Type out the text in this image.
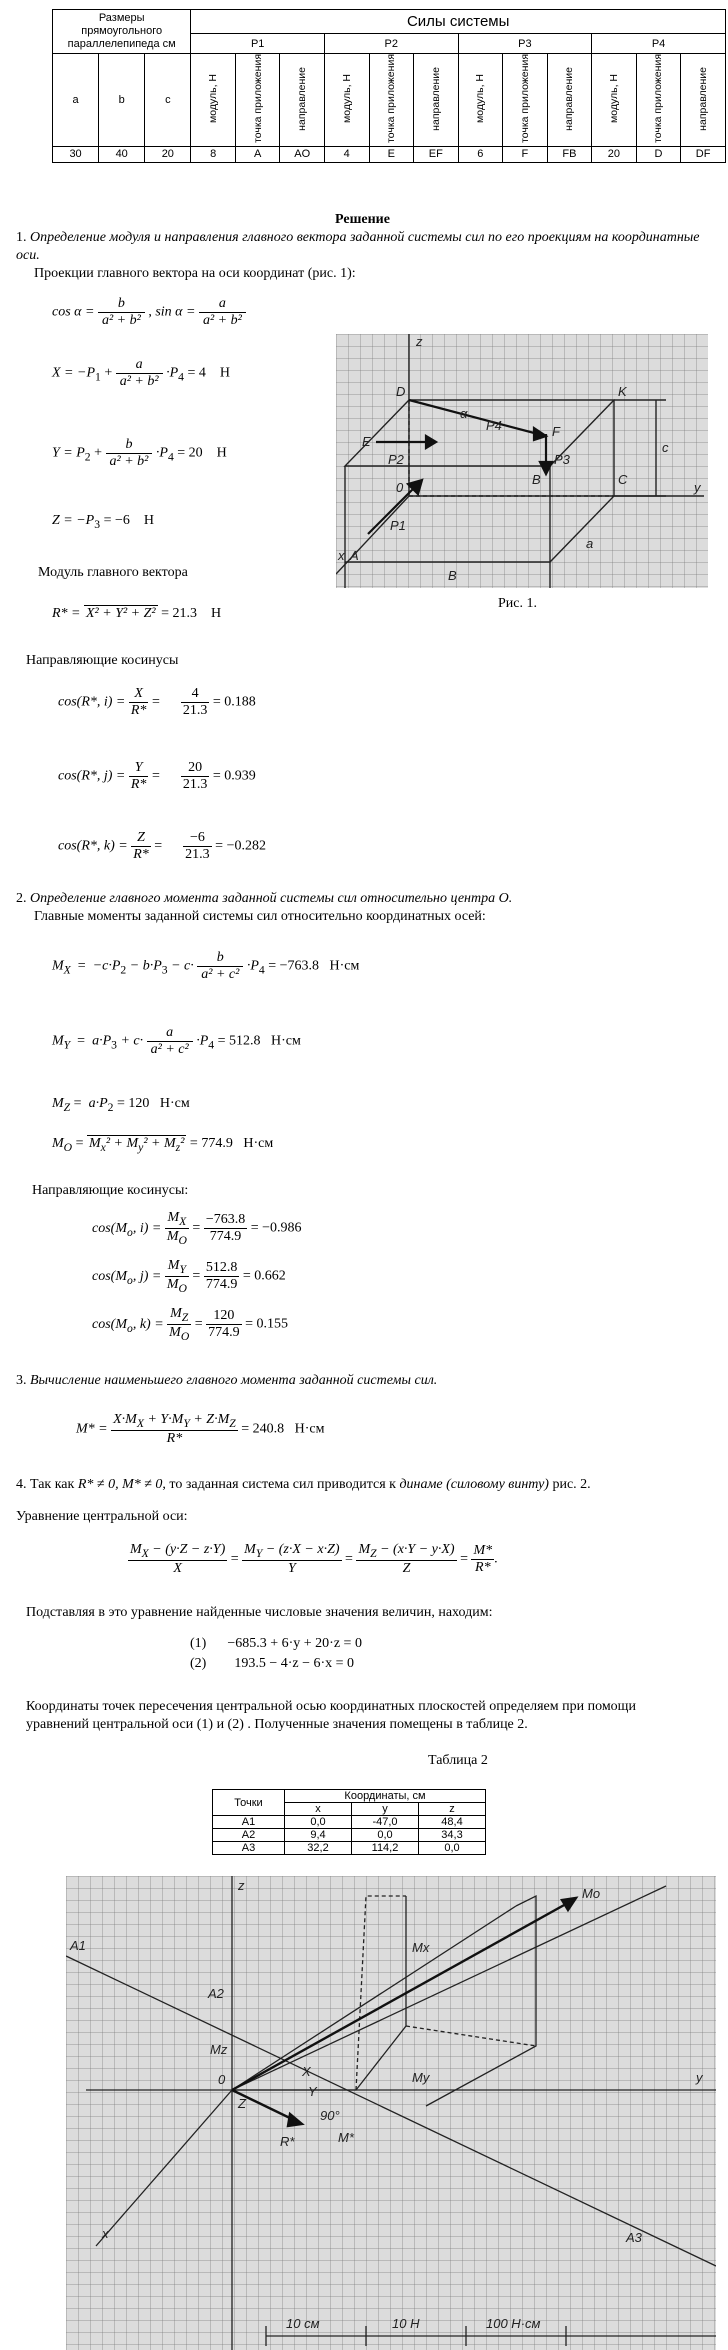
Размеры прямоугольного параллелепипеда см			Силы системы											
			P1			P2			P3			P4		
a	b	c	модуль, Н	точка приложения	направление	модуль, Н	точка приложения	направление	модуль, Н	точка приложения	направление	модуль, Н	точка приложения	направление
30	40	20	8	A	AO	4	E	EF	6	F	FB	20	D	DF
Решение
1. Определение модуля и направления главного вектора заданной системы сил по его проекциям на координатные оси.
Проекции главного вектора на оси координат (рис. 1):
$\cos \alpha = \frac{b}{\text{a² + b²}}$ , $\sin \alpha = \frac{a}{\text{a² + b²}}$
$X = -P_1 + \frac{a}{\text{a² + b²}} \cdot P_4 = 4$ Н
$Y = P_2 + \frac{b}{\text{a² + b²}} \cdot P_4 = 20$ Н
$Z = -P_3 = -6$ Н
Модуль главного вектора
R* = X² + Y² + Z² = 21.3 Н
Направляющие косинусы
cos(R*, $i) = \frac{X}{R*} = \frac{4}{21.3} = 0.188$
cos(R*, $j) = \frac{Y}{R*} = \frac{20}{21.3} = 0.939$
cos(R*, $k) = \frac{Z}{R*} = \frac{-6}{21.3} = -0.282$
z
y
x
D	K
E
F
0
A
B	C
a
B
c
α
P1
P2	P3
P4
Рис. 1.
2. Определение главного момента заданной системы сил относительно центра O.
Главные моменты заданной системы сил относительно координатных осей:
$M_X = -c\cdot P_2 - b\cdot P_3 - c\cdot \frac{b}{\text{a² + c²}} \cdot P_4 = -763.8$ Н·см
$M_Y = a\cdot P_3 + c\cdot \frac{a}{\text{a² + c²}} \cdot P_4 = 512.8$ Н·см
$M_Z = a\cdot P_2 = 120$ Н·см
$M_O = M_x^2 + M_y^2 + M_z^2 = 774.9$ Н·см
Направляющие косинусы:
$\cos(M_o$, $i) = \frac{M_X}{M_O} = \frac{-763.8}{774.9} = -0.986$
$\cos(M_o$, $j) = \frac{M_Y}{M_O} = \frac{512.8}{774.9} = 0.662$
$\cos(M_o$, $k) = \frac{M_Z}{M_O} = \frac{120}{774.9} = 0.155$
3. Вычисление наименьшего главного момента заданной системы сил.
$M* = \frac{X\cdot M_X + Y\cdot M_Y + Z\cdot M_Z}{R*} = 240.8$ Н·см
4. Так как R* ≠ 0, M* ≠ 0, то заданная система сил приводится к динаме (силовому винту) рис. 2.
Уравнение центральной оси:
$\frac{M_X - (y\cdot Z - z\cdot Y)}{X} = \frac{M_Y - (z\cdot X - x\cdot Z)}{Y} = \frac{M_Z - (x\cdot Y - y\cdot X)}{Z} = \frac{M*}{R*}$ .
Подставляя в это уравнение найденные числовые значения величин, находим:
(1) −685.3 + 6·y + 20·z = 0
(2) 193.5 − 4·z − 6·x = 0
Координаты точек пересечения центральной осью координатных плоскостей определяем при помощи уравнений центральной оси (1) и (2) . Полученные значения помещены в таблице 2.
Таблица 2
Точки	Координаты, см		
	x	y	z
A1	0,0	-47,0	48,4
A2	9,4	0,0	34,3
A3	32,2	114,2	0,0
z
y
x
0
A1
A2
A3
Mo
Mx
My
Mz
R*	M*
X
Y
Z
90°
10 см	10 Н	100 Н·см
